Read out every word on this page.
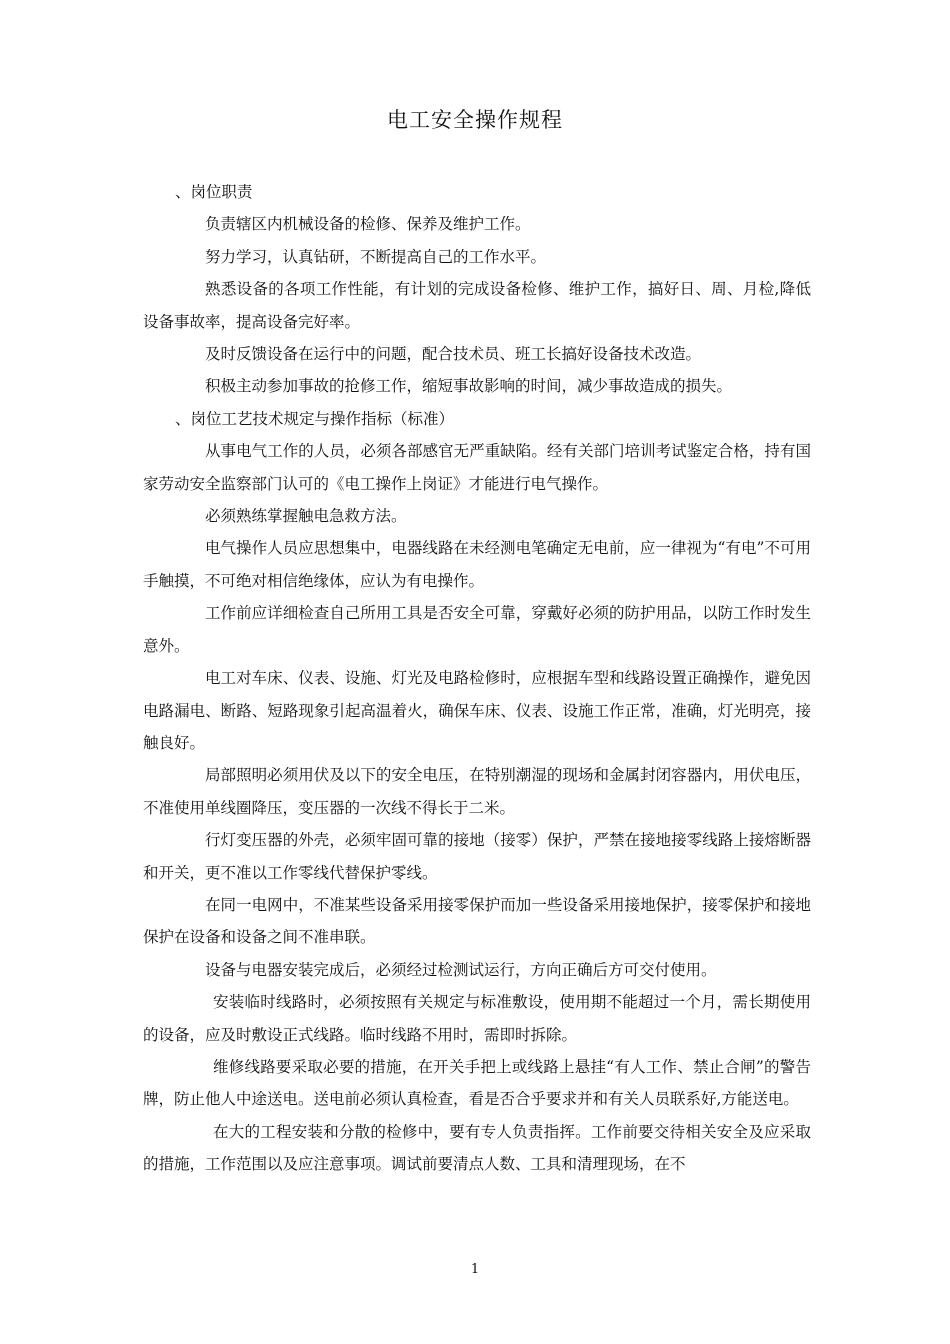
电工安全操作规程

、岗位职责

负责辖区内机械设备的检修、保养及维护工作。

努力学习，认真钻研，不断提高自己的工作水平。

熟悉设备的各项工作性能，有计划的完成设备检修、维护工作，搞好日、周、月检,降低设备事故率，提高设备完好率。

及时反馈设备在运行中的问题，配合技术员、班工长搞好设备技术改造。

积极主动参加事故的抢修工作，缩短事故影响的时间，减少事故造成的损失。

、岗位工艺技术规定与操作指标（标准）

从事电气工作的人员，必须各部感官无严重缺陷。经有关部门培训考试鉴定合格，持有国家劳动安全监察部门认可的《电工操作上岗证》才能进行电气操作。

必须熟练掌握触电急救方法。

电气操作人员应思想集中，电器线路在未经测电笔确定无电前，应一律视为“有电”不可用手触摸，不可绝对相信绝缘体，应认为有电操作。

工作前应详细检查自己所用工具是否安全可靠，穿戴好必须的防护用品，以防工作时发生意外。

电工对车床、仪表、设施、灯光及电路检修时，应根据车型和线路设置正确操作，避免因电路漏电、断路、短路现象引起高温着火，确保车床、仪表、设施工作正常，准确，灯光明亮，接触良好。

局部照明必须用伏及以下的安全电压，在特别潮湿的现场和金属封闭容器内，用伏电压，不准使用单线圈降压，变压器的一次线不得长于二米。

行灯变压器的外壳，必须牢固可靠的接地（接零）保护，严禁在接地接零线路上接熔断器和开关，更不准以工作零线代替保护零线。

在同一电网中，不准某些设备采用接零保护而加一些设备采用接地保护，接零保护和接地保护在设备和设备之间不准串联。

设备与电器安装完成后，必须经过检测试运行，方向正确后方可交付使用。

安装临时线路时，必须按照有关规定与标准敷设，使用期不能超过一个月，需长期使用的设备，应及时敷设正式线路。临时线路不用时，需即时拆除。

维修线路要采取必要的措施，在开关手把上或线路上悬挂“有人工作、禁止合闸”的警告牌，防止他人中途送电。送电前必须认真检查，看是否合乎要求并和有关人员联系好,方能送电。

在大的工程安装和分散的检修中，要有专人负责指挥。工作前要交待相关安全及应采取的措施，工作范围以及应注意事项。调试前要清点人数、工具和清理现场，在不

1
